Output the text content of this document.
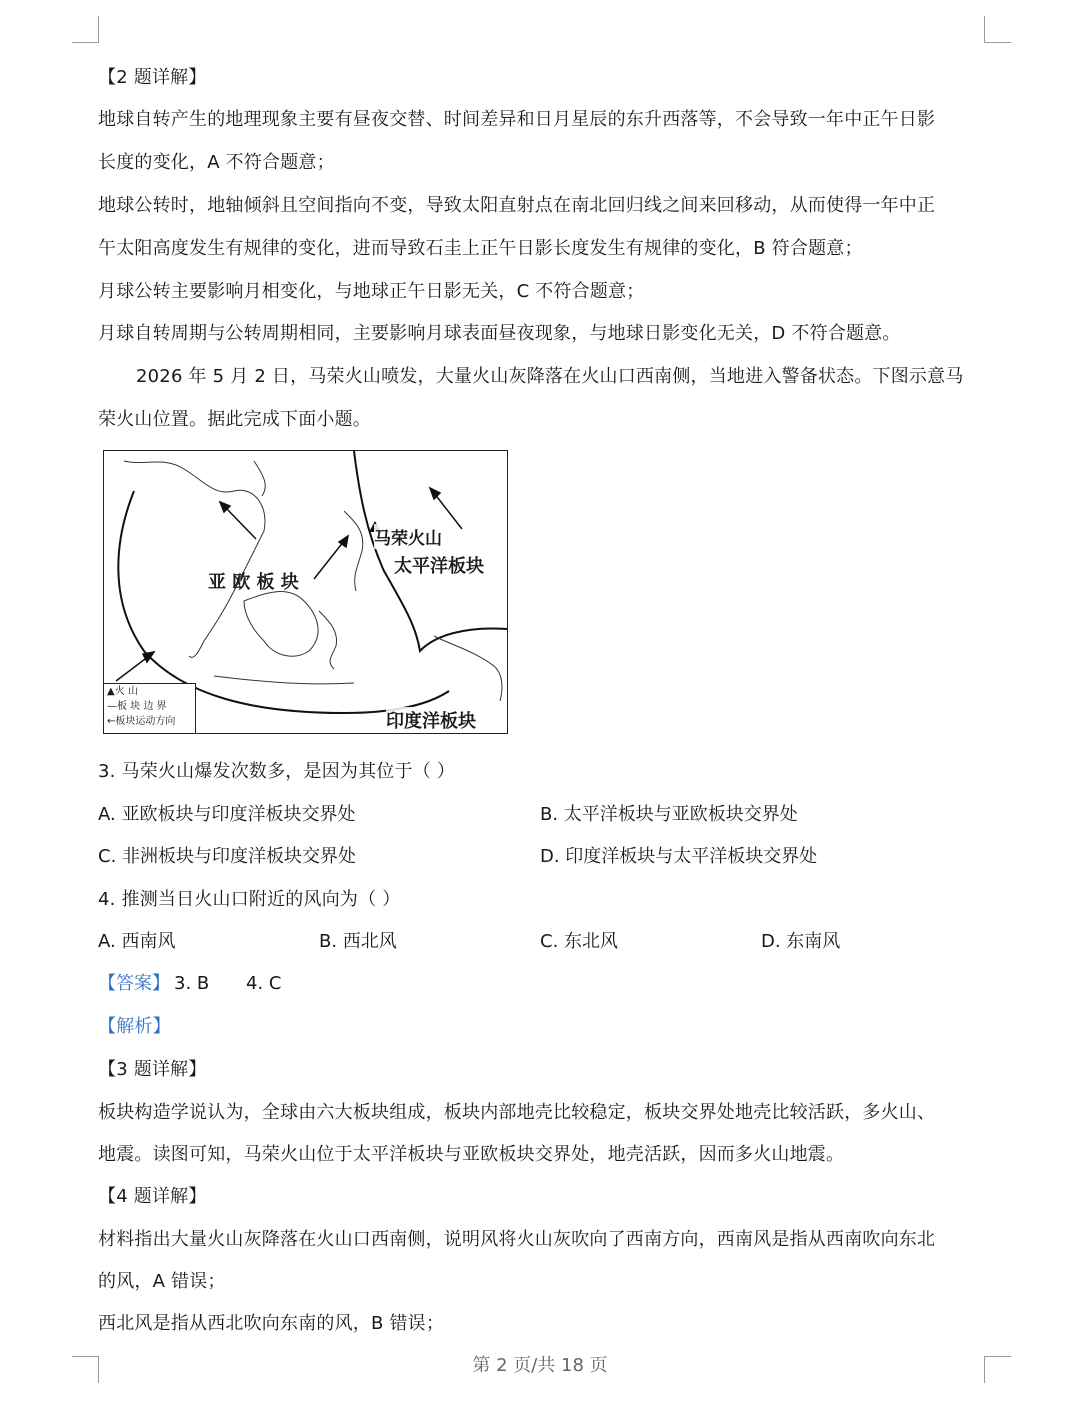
【2 题详解】
地球自转产生的地理现象主要有昼夜交替、时间差异和日月星辰的东升西落等，不会导致一年中正午日影
长度的变化，A 不符合题意；
地球公转时，地轴倾斜且空间指向不变，导致太阳直射点在南北回归线之间来回移动，从而使得一年中正
午太阳高度发生有规律的变化，进而导致石圭上正午日影长度发生有规律的变化，B 符合题意；
月球公转主要影响月相变化，与地球正午日影无关，C 不符合题意；
月球自转周期与公转周期相同，主要影响月球表面昼夜现象，与地球日影变化无关，D 不符合题意。
2026 年 5 月 2 日，马荣火山喷发，大量火山灰降落在火山口西南侧，当地进入警备状态。下图示意马
荣火山位置。据此完成下面小题。
马荣火山
太平洋板块
亚 欧 板 块
印度洋板块
▲火 山
—板 块 边 界
←板块运动方向
3. 马荣火山爆发次数多，是因为其位于（ ）
A. 亚欧板块与印度洋板块交界处	B. 太平洋板块与亚欧板块交界处
C. 非洲板块与印度洋板块交界处	D. 印度洋板块与太平洋板块交界处
4. 推测当日火山口附近的风向为（ ）
A. 西南风	B. 西北风	C. 东北风	D. 东南风
【答案】 3. B 4. C
【解析】
【3 题详解】
板块构造学说认为，全球由六大板块组成，板块内部地壳比较稳定，板块交界处地壳比较活跃，多火山、
地震。读图可知，马荣火山位于太平洋板块与亚欧板块交界处，地壳活跃，因而多火山地震。
【4 题详解】
材料指出大量火山灰降落在火山口西南侧，说明风将火山灰吹向了西南方向，西南风是指从西南吹向东北
的风，A 错误；
西北风是指从西北吹向东南的风，B 错误；
第 2 页/共 18 页
